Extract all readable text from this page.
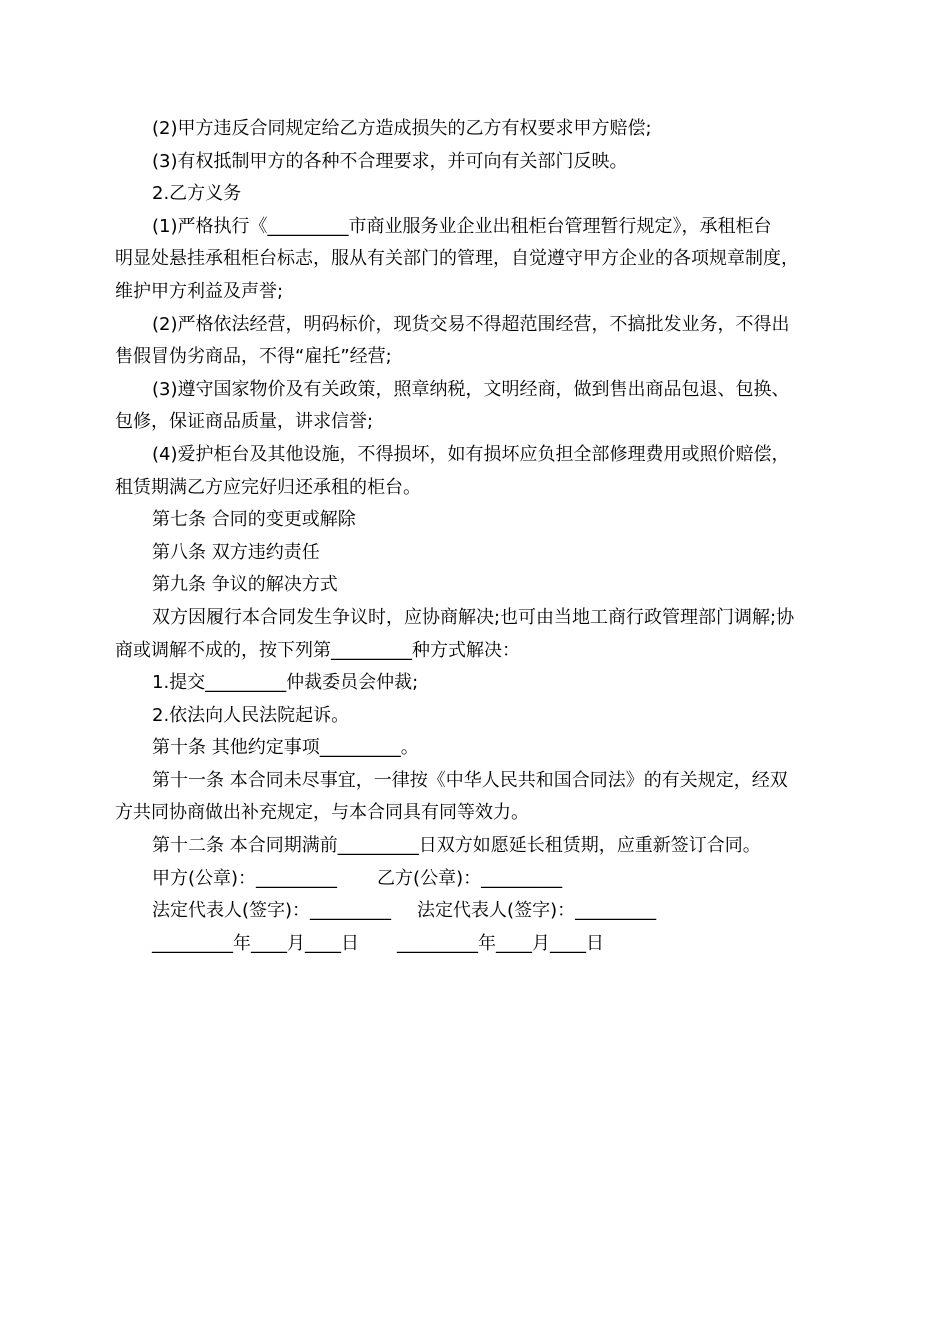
(2)甲方违反合同规定给乙方造成损失的乙方有权要求甲方赔偿;
(3)有权抵制甲方的各种不合理要求，并可向有关部门反映。
2.乙方义务
(1)严格执行《_________市商业服务业企业出租柜台管理暂行规定》，承租柜台
明显处悬挂承租柜台标志，服从有关部门的管理，自觉遵守甲方企业的各项规章制度，
维护甲方利益及声誉;
(2)严格依法经营，明码标价，现货交易不得超范围经营，不搞批发业务，不得出
售假冒伪劣商品，不得“雇托”经营;
(3)遵守国家物价及有关政策，照章纳税，文明经商，做到售出商品包退、包换、
包修，保证商品质量，讲求信誉;
(4)爱护柜台及其他设施，不得损坏，如有损坏应负担全部修理费用或照价赔偿，
租赁期满乙方应完好归还承租的柜台。
第七条 合同的变更或解除
第八条 双方违约责任
第九条 争议的解决方式
双方因履行本合同发生争议时，应协商解决;也可由当地工商行政管理部门调解;协
商或调解不成的，按下列第_________种方式解决：
1.提交_________仲裁委员会仲裁;
2.依法向人民法院起诉。
第十条 其他约定事项_________。
第十一条 本合同未尽事宜，一律按《中华人民共和国合同法》的有关规定，经双
方共同协商做出补充规定，与本合同具有同等效力。
第十二条 本合同期满前_________日双方如愿延长租赁期，应重新签订合同。
甲方(公章)：_________ 乙方(公章)：_________
法定代表人(签字)：_________ 法定代表人(签字)：_________
_________年____月____日 _________年____月____日
